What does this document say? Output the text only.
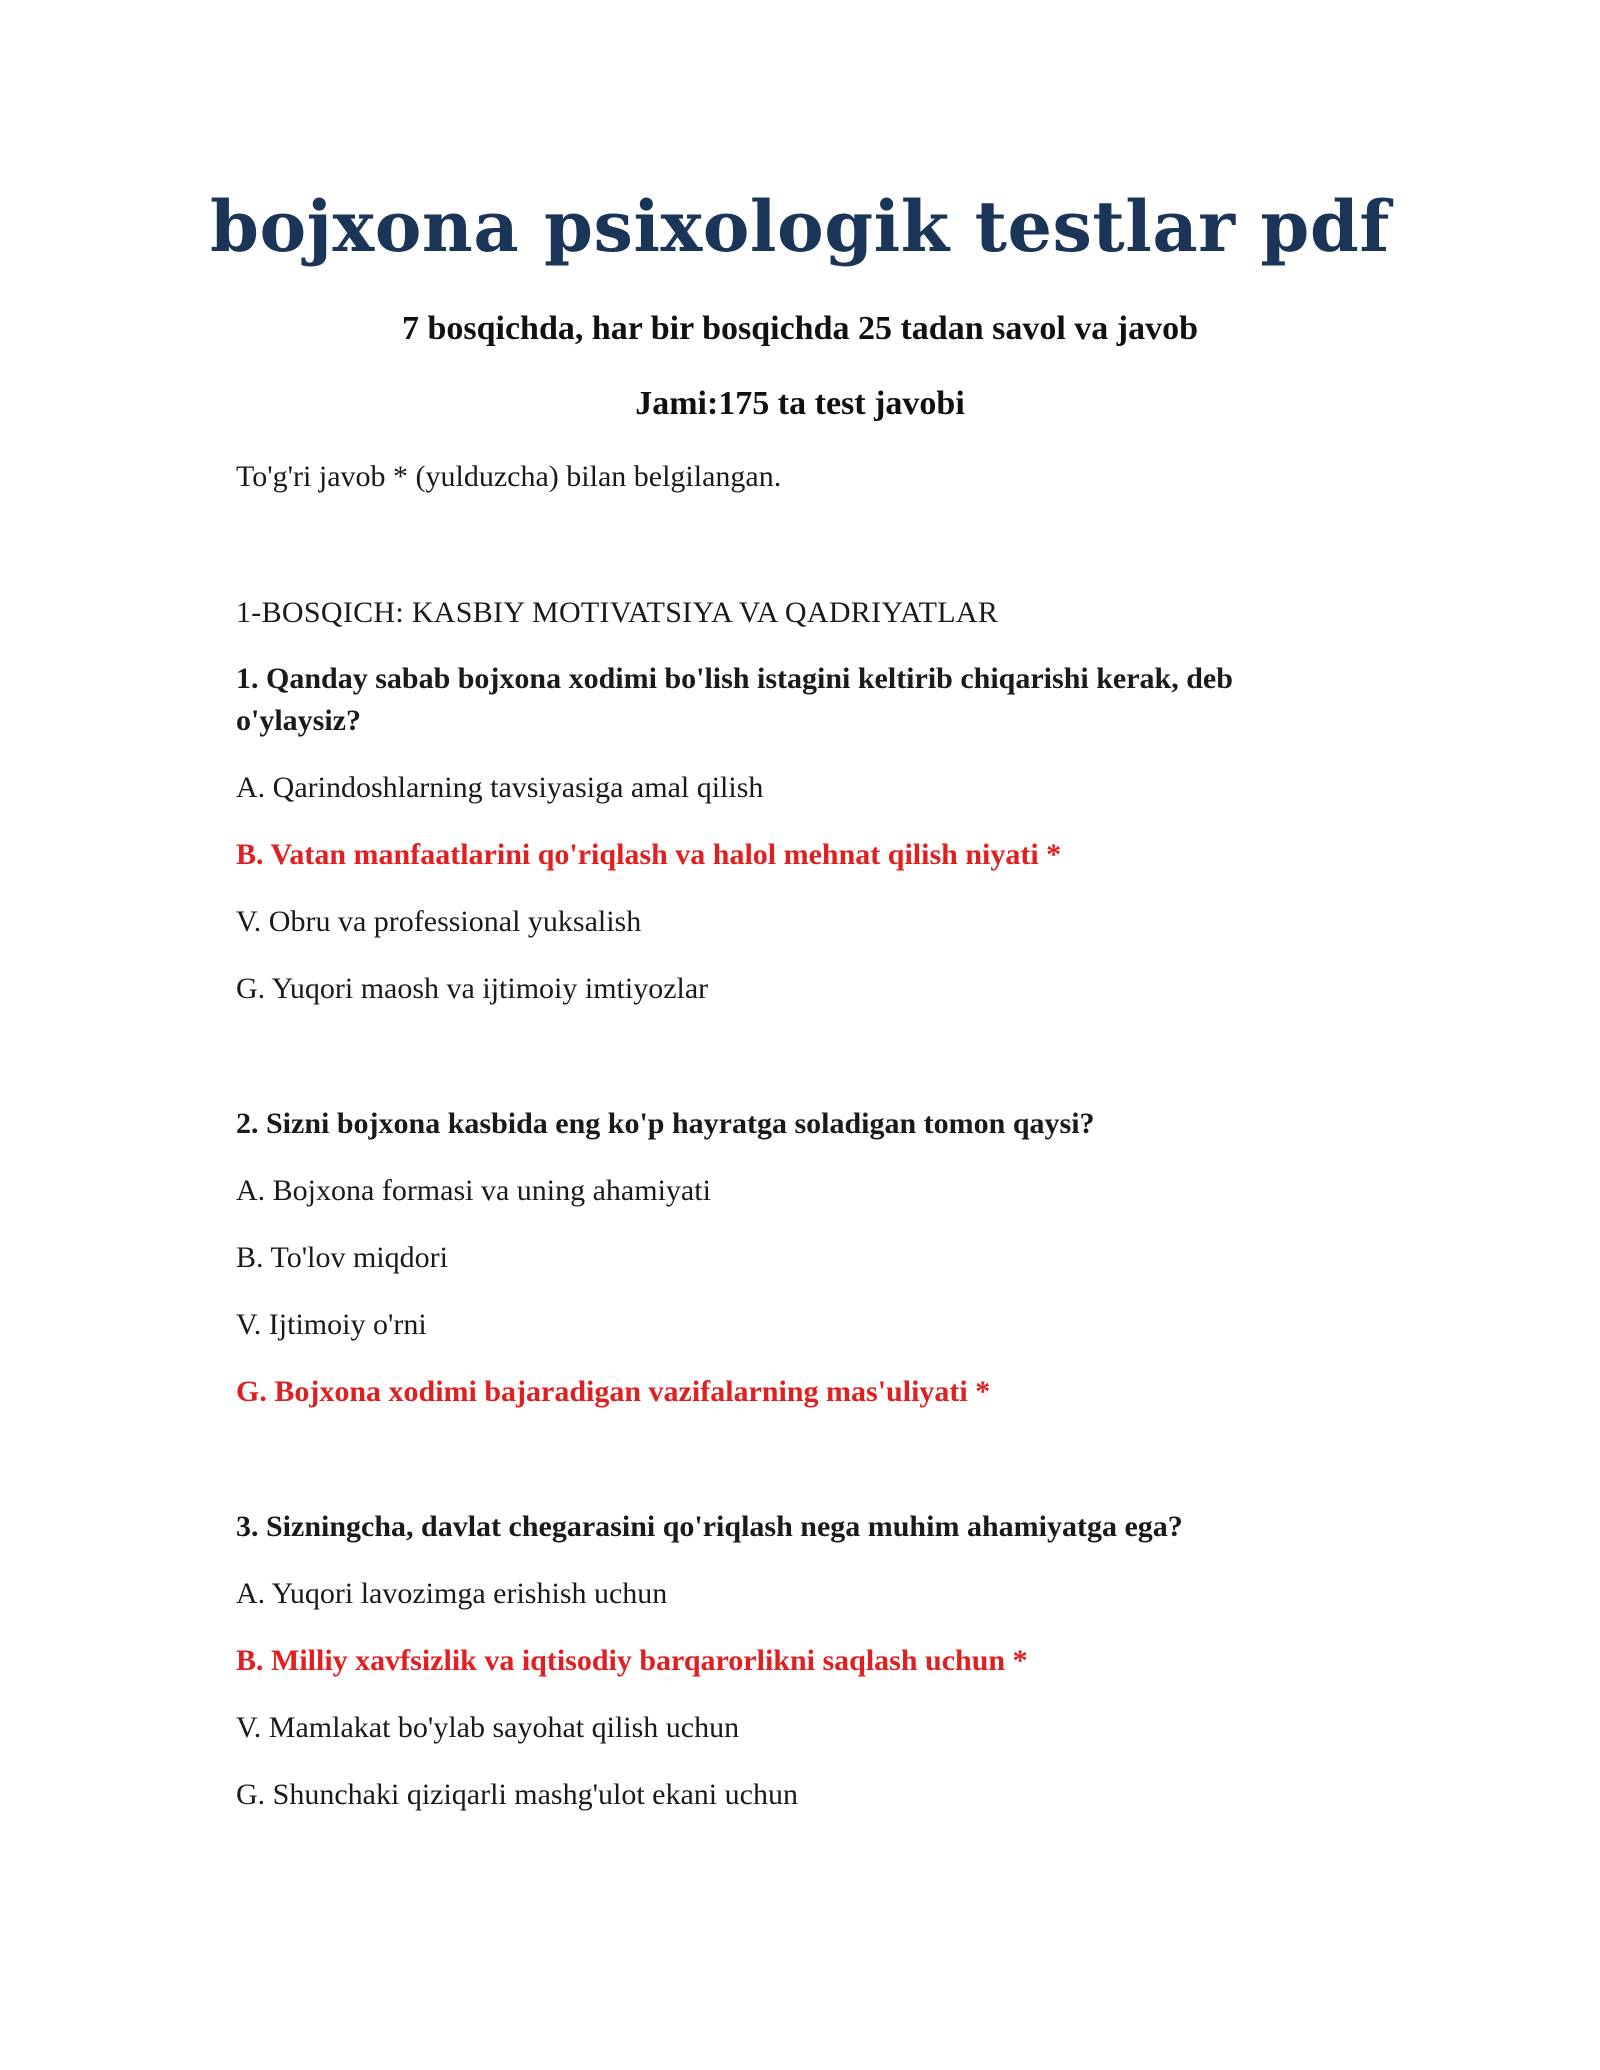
bojxona psixologik testlar pdf

7 bosqichda, har bir bosqichda 25 tadan savol va javob

Jami:175 ta test javobi

To'g'ri javob * (yulduzcha) bilan belgilangan.

1-BOSQICH: KASBIY MOTIVATSIYA VA QADRIYATLAR

1. Qanday sabab bojxona xodimi bo'lish istagini keltirib chiqarishi kerak, deb o'ylaysiz?

A. Qarindoshlarning tavsiyasiga amal qilish

B. Vatan manfaatlarini qo'riqlash va halol mehnat qilish niyati *

V. Obru va professional yuksalish

G. Yuqori maosh va ijtimoiy imtiyozlar

2. Sizni bojxona kasbida eng ko'p hayratga soladigan tomon qaysi?

A. Bojxona formasi va uning ahamiyati

B. To'lov miqdori

V. Ijtimoiy o'rni

G. Bojxona xodimi bajaradigan vazifalarning mas'uliyati *

3. Sizningcha, davlat chegarasini qo'riqlash nega muhim ahamiyatga ega?

A. Yuqori lavozimga erishish uchun

B. Milliy xavfsizlik va iqtisodiy barqarorlikni saqlash uchun *

V. Mamlakat bo'ylab sayohat qilish uchun

G. Shunchaki qiziqarli mashg'ulot ekani uchun
